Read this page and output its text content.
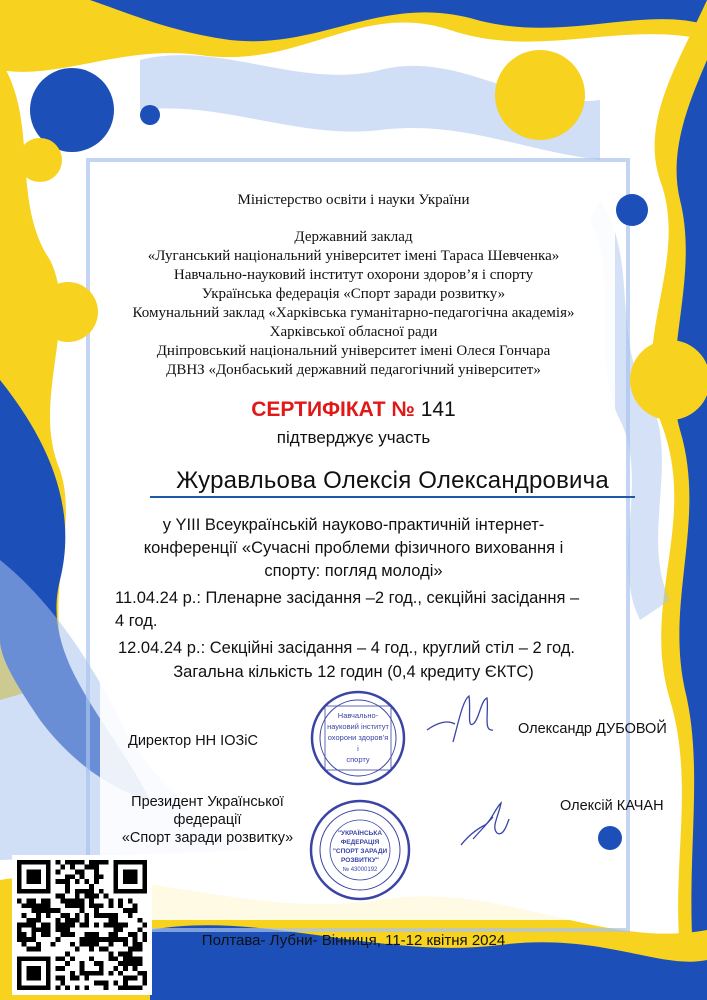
Міністерство освіти і науки України
Державний заклад
«Луганський національний університет імені Тараса Шевченка»
Навчально-науковий інститут охорони здоров’я і спорту
Українська федерація «Спорт заради розвитку»
Комунальний заклад «Харківська гуманітарно-педагогічна академія»
Харківської обласної ради
Дніпровський національний університет імені Олеся Гончара
ДВНЗ «Донбаський державний педагогічний університет»
СЕРТИФІКАТ № 141
підтверджує участь
Журавльова Олексія Олександровича
у YIII Всеукраїнській науково-практичній інтернет-
конференції «Сучасні проблеми фізичного виховання і
спорту: погляд молоді»
11.04.24 р.: Пленарне засідання –2 год., секційні засідання –
4 год.
12.04.24 р.: Секційні засідання – 4 год., круглий стіл – 2 год.
Загальна кількість 12 годин (0,4 кредиту ЄКТС)
Директор НН ІОЗіС
Олександр ДУБОВОЙ
Президент Української
федерації
«Спорт заради розвитку»
Олексій КАЧАН
Навчально-
науковий інститут
охорони здоров’я
і
спорту
"УКРАЇНСЬКА
ФЕДЕРАЦІЯ
"СПОРТ ЗАРАДИ
РОЗВИТКУ"
№ 43000192
Полтава- Лубни- Вінниця, 11-12 квітня 2024
